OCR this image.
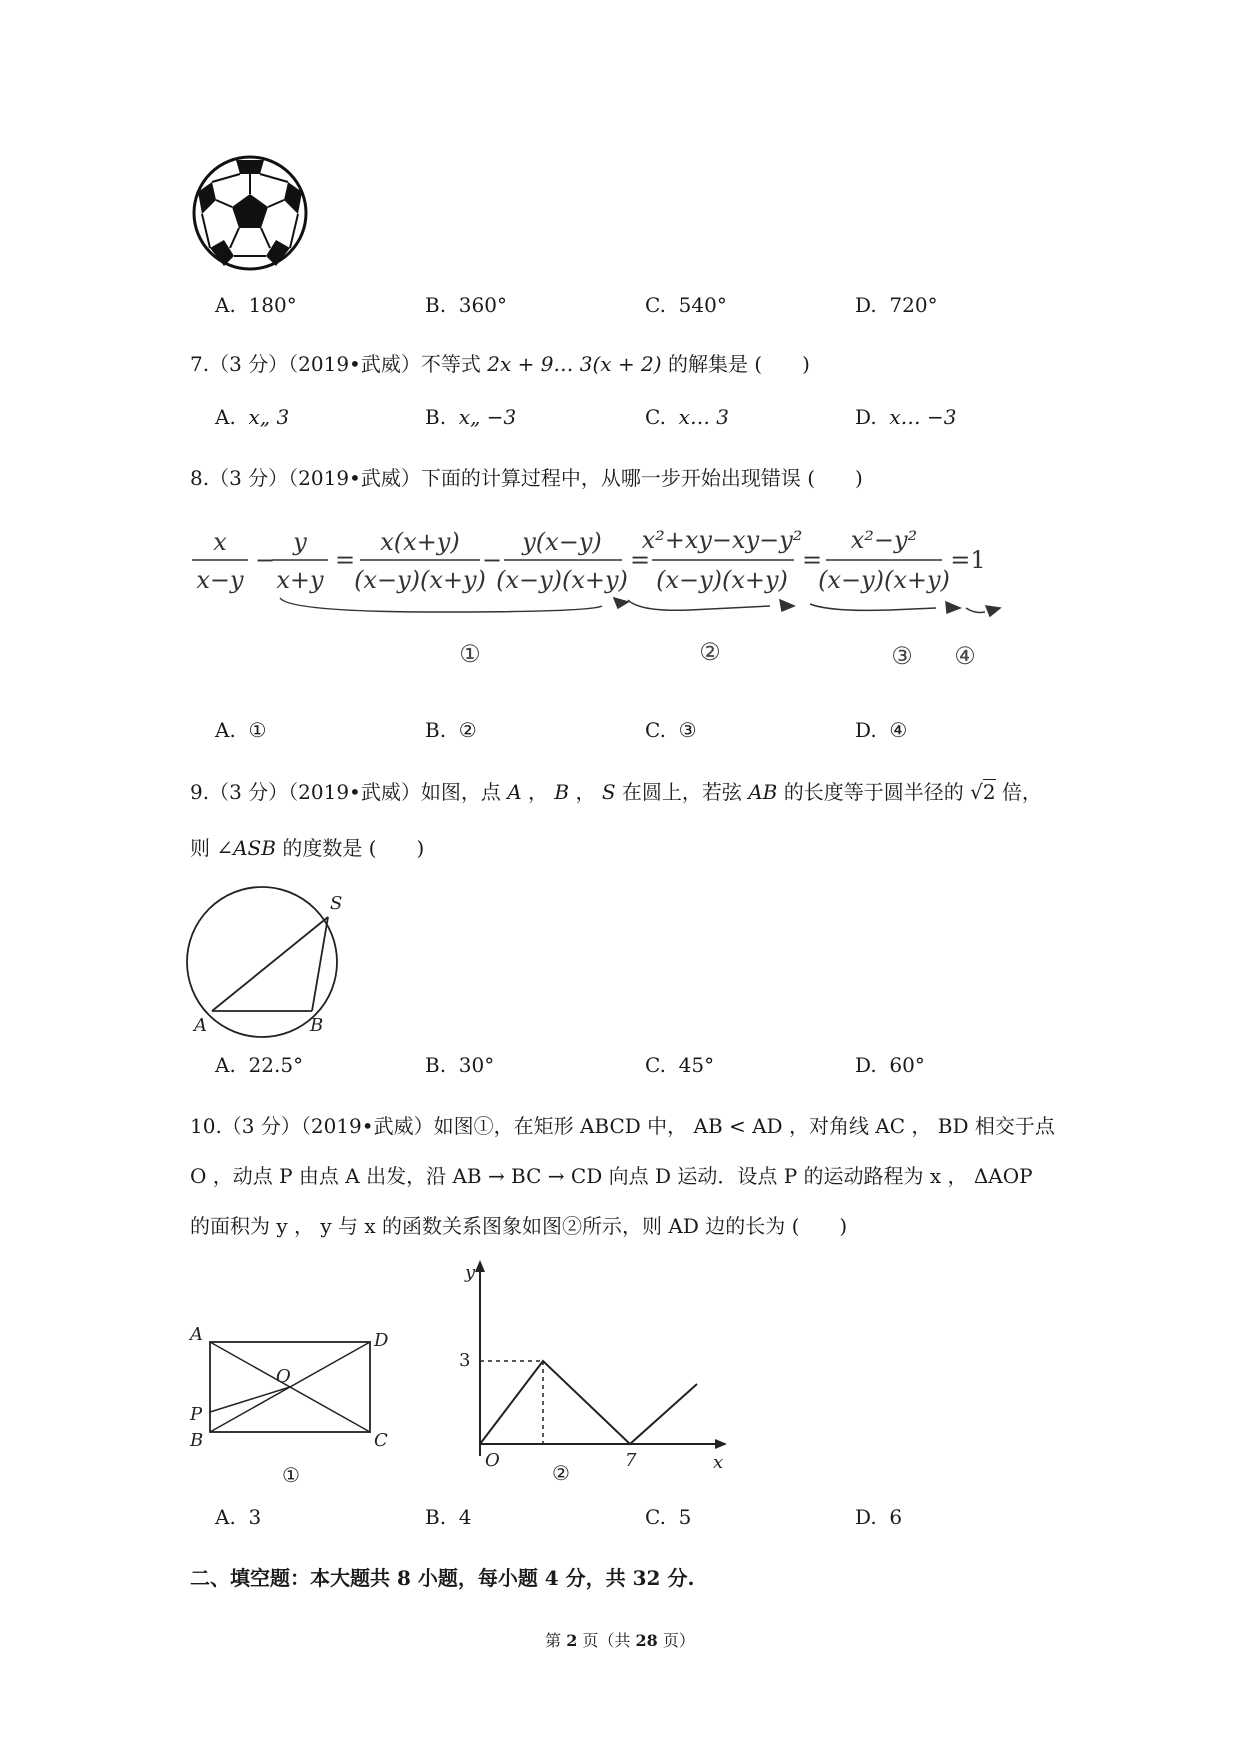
A. 180°	B. 360°	C. 540°	D. 720°
7.（3 分）（2019•武威）不等式 2x + 9… 3(x + 2) 的解集是 (　　)
A. x„ 3	B. x„ −3	C. x… 3	D. x… −3
8.（3 分）（2019•武威）下面的计算过程中，从哪一步开始出现错误 (　　)
x
x−y
−
y
x+y
=
x(x+y)
(x−y)(x+y)
−
y(x−y)
(x−y)(x+y)
=
x²+xy−xy−y²
(x−y)(x+y)
=
x²−y²
(x−y)(x+y)
=1
①	②	③ ④
A. ①	B. ②	C. ③	D. ④
9.（3 分）（2019•武威）如图，点 A ， B ， S 在圆上，若弦 AB 的长度等于圆半径的 √2 倍，
则 ∠ASB 的度数是 (　　)
S
A	B
A. 22.5°	B. 30°	C. 45°	D. 60°
10.（3 分）（2019•武威）如图①，在矩形 ABCD 中， AB < AD ，对角线 AC ， BD 相交于点
O ，动点 P 由点 A 出发，沿 AB → BC → CD 向点 D 运动．设点 P 的运动路程为 x ， ΔAOP
的面积为 y ， y 与 x 的函数关系图象如图②所示，则 AD 边的长为 (　　)
A	D
O
P
B	C
①
y
x
O
3
7
②
A. 3	B. 4	C. 5	D. 6
二、填空题：本大题共 8 小题，每小题 4 分，共 32 分.
第 2 页（共 28 页）
